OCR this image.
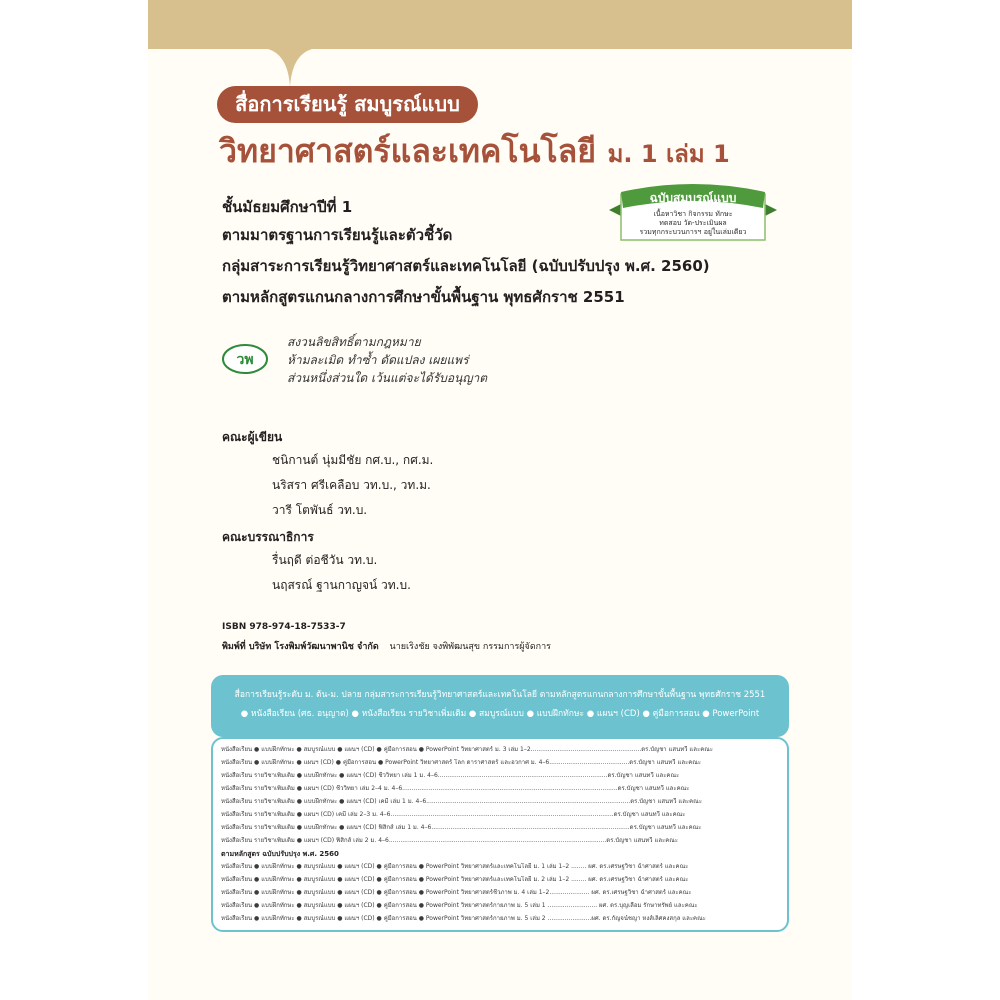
สื่อการเรียนรู้ สมบูรณ์แบบ
วิทยาศาสตร์และเทคโนโลยี ม. 1 เล่ม 1
ชั้นมัธยมศึกษาปีที่ 1
ตามมาตรฐานการเรียนรู้และตัวชี้วัด
กลุ่มสาระการเรียนรู้วิทยาศาสตร์และเทคโนโลยี (ฉบับปรับปรุง พ.ศ. 2560)
ตามหลักสูตรแกนกลางการศึกษาขั้นพื้นฐาน พุทธศักราช 2551
ฉบับสมบูรณ์แบบ
เนื้อหาวิชา กิจกรรม ทักษะ
ทดสอบ วัด-ประเมินผล
รวมทุกกระบวนการฯ อยู่ในเล่มเดียว
วพ
สงวนลิขสิทธิ์ตามกฎหมาย
ห้ามละเมิด ทำซ้ำ ดัดแปลง เผยแพร่
ส่วนหนึ่งส่วนใด เว้นแต่จะได้รับอนุญาต
คณะผู้เขียน
ชนิกานต์ นุ่มมีชัย กศ.บ., กศ.ม.
นริสรา ศรีเคลือบ วท.บ., วท.ม.
วารี โตพันธ์ วท.บ.
คณะบรรณาธิการ
รื่นฤดี ต่อชีวัน วท.บ.
นฤสรณ์ ฐานกาญจน์ วท.บ.
ISBN 978-974-18-7533-7
พิมพ์ที่ บริษัท โรงพิมพ์วัฒนาพานิช จำกัด นายเริงชัย จงพิพัฒนสุข กรรมการผู้จัดการ
สื่อการเรียนรู้ระดับ ม. ต้น-ม. ปลาย กลุ่มสาระการเรียนรู้วิทยาศาสตร์และเทคโนโลยี ตามหลักสูตรแกนกลางการศึกษาขั้นพื้นฐาน พุทธศักราช 2551
● หนังสือเรียน (ศธ. อนุญาต) ● หนังสือเรียน รายวิชาเพิ่มเติม ● สมบูรณ์แบบ ● แบบฝึกทักษะ ● แผนฯ (CD) ● คู่มือการสอน ● PowerPoint
หนังสือเรียน ● แบบฝึกทักษะ ● สมบูรณ์แบบ ● แผนฯ (CD) ● คู่มือการสอน ● PowerPoint วิทยาศาสตร์ ม. 3 เล่ม 1–2..........................................................ดร.บัญชา แสนทวี และคณะ
หนังสือเรียน ● แบบฝึกทักษะ ● แผนฯ (CD) ● คู่มือการสอน ● PowerPoint วิทยาศาสตร์ โลก ดาราศาสตร์ และอวกาศ ม. 4–6..........................................ดร.บัญชา แสนทวี และคณะ
หนังสือเรียน รายวิชาเพิ่มเติม ● แบบฝึกทักษะ ● แผนฯ (CD) ชีววิทยา เล่ม 1 ม. 4–6.........................................................................................ดร.บัญชา แสนทวี และคณะ
หนังสือเรียน รายวิชาเพิ่มเติม ● แผนฯ (CD) ชีววิทยา เล่ม 2–4 ม. 4–6.................................................................................................................ดร.บัญชา แสนทวี และคณะ
หนังสือเรียน รายวิชาเพิ่มเติม ● แบบฝึกทักษะ ● แผนฯ (CD) เคมี เล่ม 1 ม. 4–6...........................................................................................................ดร.บัญชา แสนทวี และคณะ
หนังสือเรียน รายวิชาเพิ่มเติม ● แผนฯ (CD) เคมี เล่ม 2–3 ม. 4–6.....................................................................................................................ดร.บัญชา แสนทวี และคณะ
หนังสือเรียน รายวิชาเพิ่มเติม ● แบบฝึกทักษะ ● แผนฯ (CD) ฟิสิกส์ เล่ม 1 ม. 4–6........................................................................................................ดร.บัญชา แสนทวี และคณะ
หนังสือเรียน รายวิชาเพิ่มเติม ● แผนฯ (CD) ฟิสิกส์ เล่ม 2 ม. 4–6..................................................................................................................ดร.บัญชา แสนทวี และคณะ
ตามหลักสูตร ฉบับปรับปรุง พ.ศ. 2560
หนังสือเรียน ● แบบฝึกทักษะ ● สมบูรณ์แบบ ● แผนฯ (CD) ● คู่มือการสอน ● PowerPoint วิทยาศาสตร์และเทคโนโลยี ม. 1 เล่ม 1–2 ........ ผศ. ดร.เศรษฐวิชา ฉ่ำศาสตร์ และคณะ
หนังสือเรียน ● แบบฝึกทักษะ ● สมบูรณ์แบบ ● แผนฯ (CD) ● คู่มือการสอน ● PowerPoint วิทยาศาสตร์และเทคโนโลยี ม. 2 เล่ม 1–2 ........ ผศ. ดร.เศรษฐวิชา ฉ่ำศาสตร์ และคณะ
หนังสือเรียน ● แบบฝึกทักษะ ● สมบูรณ์แบบ ● แผนฯ (CD) ● คู่มือการสอน ● PowerPoint วิทยาศาสตร์ชีวภาพ ม. 4 เล่ม 1–2..................... ผศ. ดร.เศรษฐวิชา ฉ่ำศาสตร์ และคณะ
หนังสือเรียน ● แบบฝึกทักษะ ● สมบูรณ์แบบ ● แผนฯ (CD) ● คู่มือการสอน ● PowerPoint วิทยาศาสตร์กายภาพ ม. 5 เล่ม 1 .......................... ผศ. ดร.บุญเลื่อม รักษาทรัพย์ และคณะ
หนังสือเรียน ● แบบฝึกทักษะ ● สมบูรณ์แบบ ● แผนฯ (CD) ● คู่มือการสอน ● PowerPoint วิทยาศาสตร์กายภาพ ม. 5 เล่ม 2 .......................ผศ. ดร.กัญจน์ชญา หงส์เลิศคงสกุล และคณะ
